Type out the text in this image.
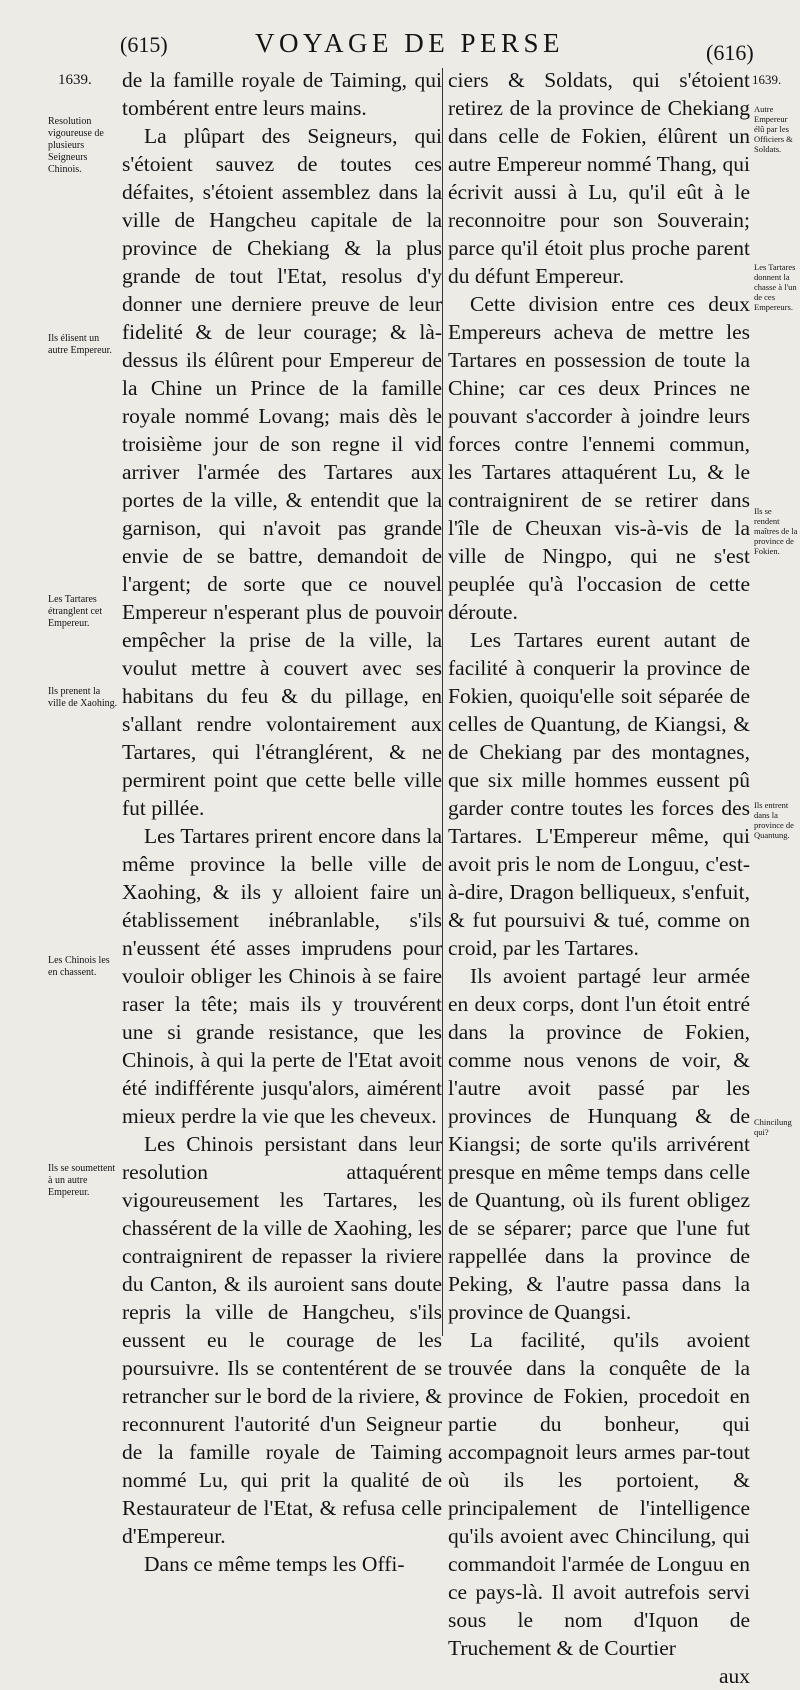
(615)	VOYAGE DE PERSE	(616)
1639.	1639.

de la famille royale de Taiming, qui tombérent entre leurs mains.

La plûpart des Seigneurs, qui s'étoient sauvez de toutes ces défaites, s'étoient assemblez dans la ville de Hangcheu capitale de la province de Chekiang & la plus grande de tout l'Etat, resolus d'y donner une derniere preuve de leur fidelité & de leur courage; & là-dessus ils élûrent pour Empereur de la Chine un Prince de la famille royale nommé Lovang; mais dès le troisième jour de son regne il vid arriver l'armée des Tartares aux portes de la ville, & entendit que la garnison, qui n'avoit pas grande envie de se battre, demandoit de l'argent; de sorte que ce nouvel Empereur n'esperant plus de pouvoir empêcher la prise de la ville, la voulut mettre à couvert avec ses habitans du feu & du pillage, en s'allant rendre volontairement aux Tartares, qui l'étranglérent, & ne permirent point que cette belle ville fut pillée.

Les Tartares prirent encore dans la même province la belle ville de Xaohing, & ils y alloient faire un établissement inébranlable, s'ils n'eussent été asses imprudens pour vouloir obliger les Chinois à se faire raser la tête; mais ils y trouvérent une si grande resistance, que les Chinois, à qui la perte de l'Etat avoit été indifférente jusqu'alors, aimérent mieux perdre la vie que les cheveux.

Les Chinois persistant dans leur resolution attaquérent vigoureusement les Tartares, les chassérent de la ville de Xaohing, les contraignirent de repasser la riviere du Canton, & ils auroient sans doute repris la ville de Hangcheu, s'ils eussent eu le courage de les poursuivre. Ils se contentérent de se retrancher sur le bord de la riviere, & reconnurent l'autorité d'un Seigneur de la famille royale de Taiming nommé Lu, qui prit la qualité de Restaurateur de l'Etat, & refusa celle d'Empereur.

Dans ce même temps les Offi-

ciers & Soldats, qui s'étoient retirez de la province de Chekiang dans celle de Fokien, élûrent un autre Empereur nommé Thang, qui écrivit aussi à Lu, qu'il eût à le reconnoitre pour son Souverain; parce qu'il étoit plus proche parent du défunt Empereur.

Cette division entre ces deux Empereurs acheva de mettre les Tartares en possession de toute la Chine; car ces deux Princes ne pouvant s'accorder à joindre leurs forces contre l'ennemi commun, les Tartares attaquérent Lu, & le contraignirent de se retirer dans l'île de Cheuxan vis-à-vis de la ville de Ningpo, qui ne s'est peuplée qu'à l'occasion de cette déroute.

Les Tartares eurent autant de facilité à conquerir la province de Fokien, quoiqu'elle soit séparée de celles de Quantung, de Kiangsi, & de Chekiang par des montagnes, que six mille hommes eussent pû garder contre toutes les forces des Tartares. L'Empereur même, qui avoit pris le nom de Longuu, c'est-à-dire, Dragon belliqueux, s'enfuit, & fut poursuivi & tué, comme on croid, par les Tartares.

Ils avoient partagé leur armée en deux corps, dont l'un étoit entré dans la province de Fokien, comme nous venons de voir, & l'autre avoit passé par les provinces de Hunquang & de Kiangsi; de sorte qu'ils arrivérent presque en même temps dans celle de Quantung, où ils furent obligez de se séparer; parce que l'une fut rappellée dans la province de Peking, & l'autre passa dans la province de Quangsi.

La facilité, qu'ils avoient trouvée dans la conquête de la province de Fokien, procedoit en partie du bonheur, qui accompagnoit leurs armes par-tout où ils les portoient, & principalement de l'intelligence qu'ils avoient avec Chincilung, qui commandoit l'armée de Longuu en ce pays-là. Il avoit autrefois servi sous le nom d'Iquon de Truchement & de Courtier

aux

Resolution vigoureuse de plusieurs Seigneurs Chinois.
Ils élisent un autre Empereur.
Les Tartares étranglent cet Empereur.
Ils prenent la ville de Xaohing.
Les Chinois les en chassent.
Ils se soumettent à un autre Empereur.
Autre Empereur élû par les Officiers & Soldats.
Les Tartares donnent la chasse à l'un de ces Empereurs.
Ils se rendent maîtres de la province de Fokien.
Ils entrent dans la province de Quantung.
Chincilung qui?
